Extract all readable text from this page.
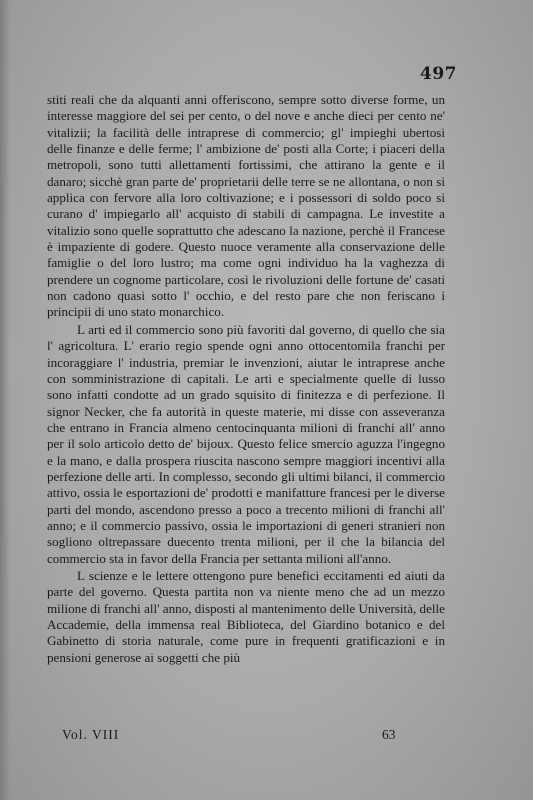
497

stiti reali che da alquanti anni offeriscono, sempre sotto diverse forme, un interesse maggiore del sei per cento, o del nove e anche dieci per cento ne' vitalizii; la facilità delle intraprese di commercio; gl' impieghi ubertosi delle finanze e delle ferme; l' ambizione de' posti alla Corte; i piaceri della metropoli, sono tutti allettamenti fortissimi, che attirano la gente e il danaro; sicchè gran parte de' proprietarii delle terre se ne allontana, o non si applica con fervore alla loro coltivazione; e i possessori di soldo poco si curano d' impiegarlo all' acquisto di stabili di campagna. Le investite a vitalizio sono quelle soprattutto che adescano la nazione, perchè il Francese è impaziente di godere. Questo nuoce veramente alla conservazione delle famiglie o del loro lustro; ma come ogni individuo ha la vaghezza di prendere un cognome particolare, così le rivoluzioni delle fortune de' casati non cadono quasi sotto l' occhio, e del resto pare che non feriscano i principii di uno stato monarchico.

L arti ed il commercio sono più favoriti dal governo, di quello che sia l' agricoltura. L' erario regio spende ogni anno ottocentomila franchi per incoraggiare l' industria, premiar le invenzioni, aiutar le intraprese anche con somministrazione di capitali. Le arti e specialmente quelle di lusso sono infatti condotte ad un grado squisito di finitezza e di perfezione. Il signor Necker, che fa autorità in queste materie, mi disse con asseveranza che entrano in Francia almeno centocinquanta milioni di franchi all' anno per il solo articolo detto de' bijoux. Questo felice smercio aguzza l'ingegno e la mano, e dalla prospera riuscita nascono sempre maggiori incentivi alla perfezione delle arti. In complesso, secondo gli ultimi bilanci, il commercio attivo, ossia le esportazioni de' prodotti e manifatture francesi per le diverse parti del mondo, ascendono presso a poco a trecento milioni di franchi all' anno; e il commercio passivo, ossia le importazioni di generi stranieri non sogliono oltrepassare duecento trenta milioni, per il che la bilancia del commercio sta in favor della Francia per settanta milioni all'anno.

L scienze e le lettere ottengono pure benefici eccitamenti ed aiuti da parte del governo. Questa partita non va niente meno che ad un mezzo milione di franchi all' anno, disposti al mantenimento delle Università, delle Accademie, della immensa real Biblioteca, del Giardino botanico e del Gabinetto di storia naturale, come pure in frequenti gratificazioni e in pensioni generose ai soggetti che più

Vol. VIII	63
